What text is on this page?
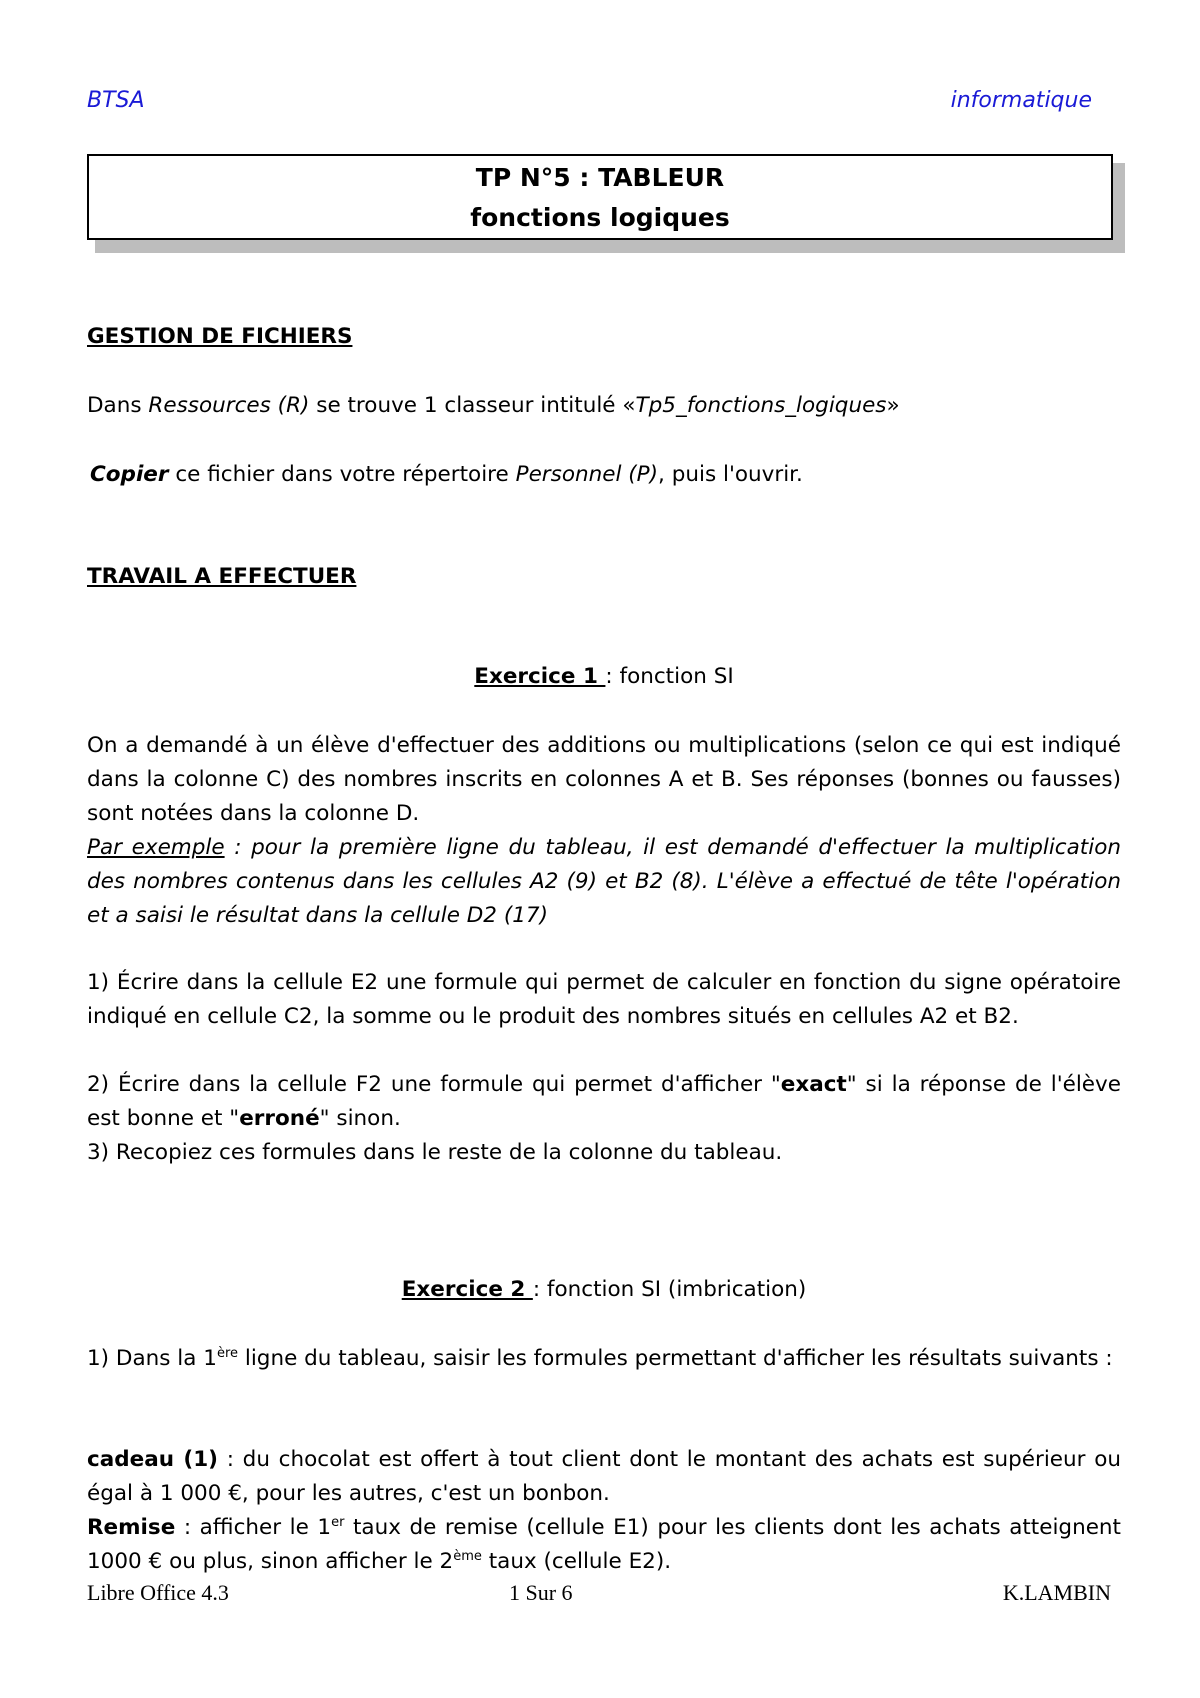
BTSA	informatique
TP N°5 : TABLEUR
fonctions logiques
GESTION DE FICHIERS

Dans Ressources (R) se trouve 1 classeur intitulé «Tp5_fonctions_logiques»

Copier ce fichier dans votre répertoire Personnel (P), puis l'ouvrir.

TRAVAIL A EFFECTUER
Exercice 1 : fonction SI

On a demandé à un élève d'effectuer des additions ou multiplications (selon ce qui est indiqué dans la colonne C) des nombres inscrits en colonnes A et B. Ses réponses (bonnes ou fausses) sont notées dans la colonne D.

Par exemple : pour la première ligne du tableau, il est demandé d'effectuer la multiplication des nombres contenus dans les cellules A2 (9) et B2 (8). L'élève a effectué de tête l'opération et a saisi le résultat dans la cellule D2 (17)

1) Écrire dans la cellule E2 une formule qui permet de calculer en fonction du signe opératoire indiqué en cellule C2, la somme ou le produit des nombres situés en cellules A2 et B2.

2) Écrire dans la cellule F2 une formule qui permet d'afficher "exact" si la réponse de l'élève est bonne et "erroné" sinon.

3) Recopiez ces formules dans le reste de la colonne du tableau.

Exercice 2 : fonction SI (imbrication)

1) Dans la 1ère ligne du tableau, saisir les formules permettant d'afficher les résultats suivants :

cadeau (1) : du chocolat est offert à tout client dont le montant des achats est supérieur ou égal à 1 000 €, pour les autres, c'est un bonbon.

Remise : afficher le 1er taux de remise (cellule E1) pour les clients dont les achats atteignent 1000 € ou plus, sinon afficher le 2ème taux (cellule E2).

Libre Office 4.3	1 Sur 6	K.LAMBIN
